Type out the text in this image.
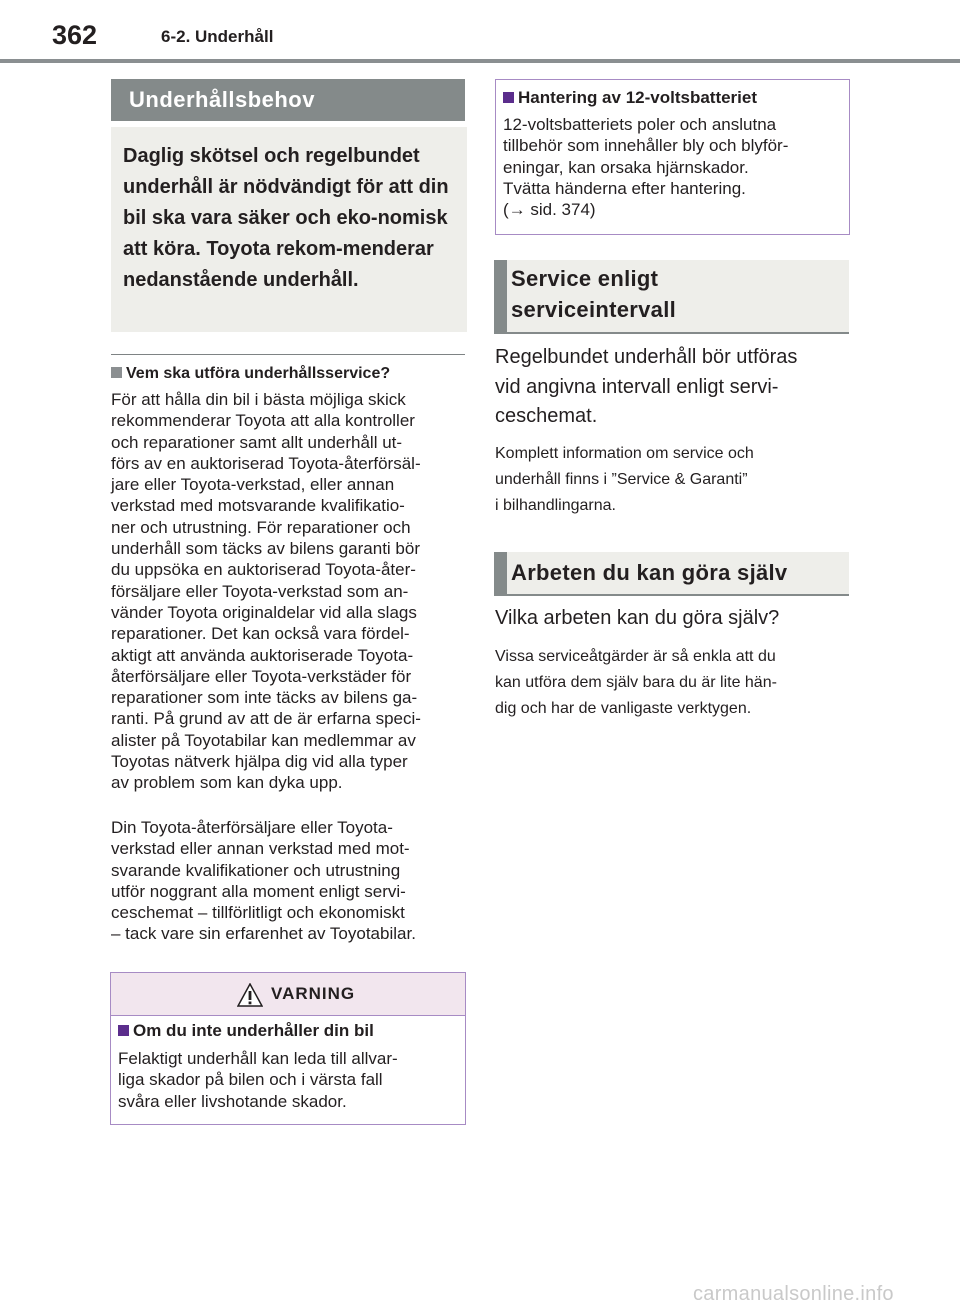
362	6-2. Underhåll
Underhållsbehov
Daglig skötsel och regelbundet underhåll är nödvändigt för att din bil ska vara säker och eko-nomisk att köra. Toyota rekom-menderar nedanstående underhåll.
Vem ska utföra underhållsservice?

För att hålla din bil i bästa möjliga skick
rekommenderar Toyota att alla kontroller
och reparationer samt allt underhåll ut-
förs av en auktoriserad Toyota-återförsäl-
jare eller Toyota-verkstad, eller annan
verkstad med motsvarande kvalifikatio-
ner och utrustning. För reparationer och
underhåll som täcks av bilens garanti bör
du uppsöka en auktoriserad Toyota-åter-
försäljare eller Toyota-verkstad som an-
vänder Toyota originaldelar vid alla slags
reparationer. Det kan också vara fördel-
aktigt att använda auktoriserade Toyota-
återförsäljare eller Toyota-verkstäder för
reparationer som inte täcks av bilens ga-
ranti. På grund av att de är erfarna speci-
alister på Toyotabilar kan medlemmar av
Toyotas nätverk hjälpa dig vid alla typer
av problem som kan dyka upp.

Din Toyota-återförsäljare eller Toyota-
verkstad eller annan verkstad med mot-
svarande kvalifikationer och utrustning
utför noggrant alla moment enligt servi-
ceschemat – tillförlitligt och ekonomiskt
– tack vare sin erfarenhet av Toyotabilar.

VARNING
Om du inte underhåller din bil

Felaktigt underhåll kan leda till allvar-
liga skador på bilen och i värsta fall
svåra eller livshotande skador.

Hantering av 12-voltsbatteriet

12-voltsbatteriets poler och anslutna
tillbehör som innehåller bly och blyför-
eningar, kan orsaka hjärnskador.
Tvätta händerna efter hantering.
(→ sid. 374)

Service enligt
serviceintervall

Regelbundet underhåll bör utföras
vid angivna intervall enligt servi-
ceschemat.

Komplett information om service och
underhåll finns i ”Service & Garanti”
i bilhandlingarna.

Arbeten du kan göra själv

Vilka arbeten kan du göra själv?

Vissa serviceåtgärder är så enkla att du
kan utföra dem själv bara du är lite hän-
dig och har de vanligaste verktygen.

carmanualsonline.info
